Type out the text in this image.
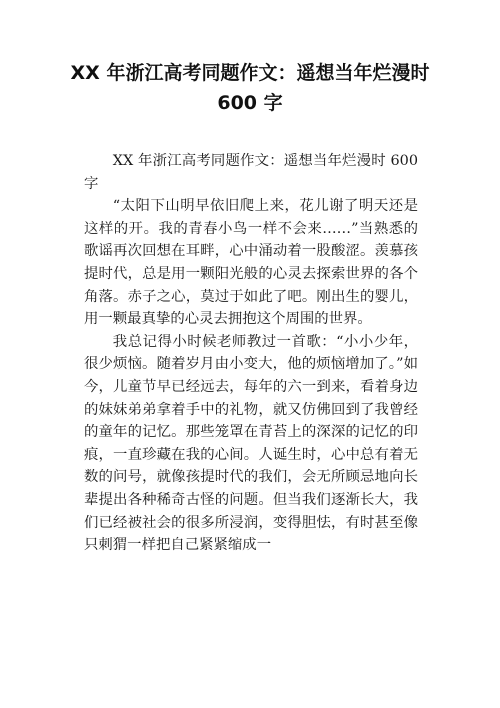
XX 年浙江高考同题作文：遥想当年烂漫时 600 字

XX 年浙江高考同题作文：遥想当年烂漫时 600 字

“太阳下山明早依旧爬上来，花儿谢了明天还是这样的开。我的青春小鸟一样不会来……”当熟悉的歌谣再次回想在耳畔，心中涌动着一股酸涩。羡慕孩提时代，总是用一颗阳光般的心灵去探索世界的各个角落。赤子之心，莫过于如此了吧。刚出生的婴儿，用一颗最真挚的心灵去拥抱这个周围的世界。

我总记得小时候老师教过一首歌：“小小少年，很少烦恼。随着岁月由小变大，他的烦恼增加了。”如今，儿童节早已经远去，每年的六一到来，看着身边的妹妹弟弟拿着手中的礼物，就又仿佛回到了我曾经的童年的记忆。那些笼罩在青苔上的深深的记忆的印痕，一直珍藏在我的心间。人诞生时，心中总有着无数的问号，就像孩提时代的我们，会无所顾忌地向长辈提出各种稀奇古怪的问题。但当我们逐渐长大，我们已经被社会的很多所浸润，变得胆怯，有时甚至像只刺猬一样把自己紧紧缩成一
